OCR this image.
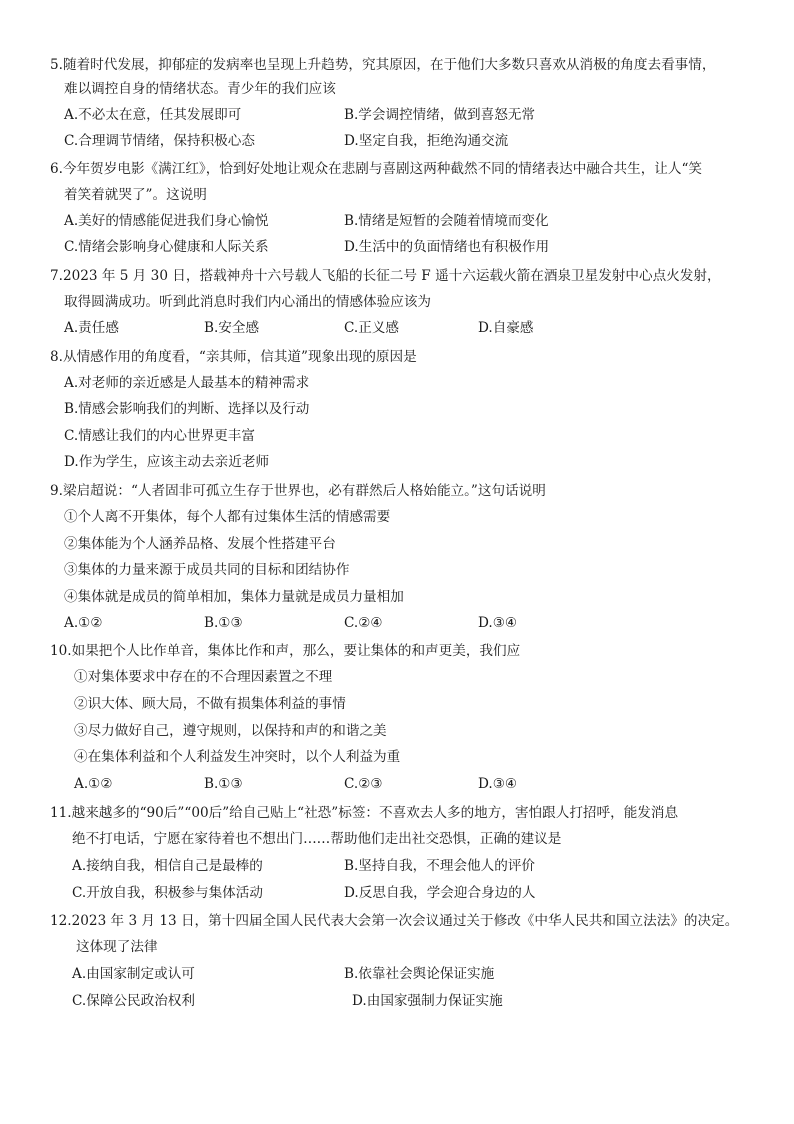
5.随着时代发展，抑郁症的发病率也呈现上升趋势，究其原因，在于他们大多数只喜欢从消极的角度去看事情，
难以调控自身的情绪状态。青少年的我们应该
A.不必太在意，任其发展即可	B.学会调控情绪，做到喜怒无常
C.合理调节情绪，保持积极心态	D.坚定自我，拒绝沟通交流
6.今年贺岁电影《满江红》，恰到好处地让观众在悲剧与喜剧这两种截然不同的情绪表达中融合共生，让人“笑
着笑着就哭了”。这说明
A.美好的情感能促进我们身心愉悦	B.情绪是短暂的会随着情境而变化
C.情绪会影响身心健康和人际关系	D.生活中的负面情绪也有积极作用
7.2023 年 5 月 30 日，搭载神舟十六号载人飞船的长征二号 F 遥十六运载火箭在酒泉卫星发射中心点火发射，
取得圆满成功。听到此消息时我们内心涌出的情感体验应该为
A.责任感	B.安全感	C.正义感	D.自豪感
8.从情感作用的角度看，“亲其师，信其道”现象出现的原因是
A.对老师的亲近感是人最基本的精神需求
B.情感会影响我们的判断、选择以及行动
C.情感让我们的内心世界更丰富
D.作为学生，应该主动去亲近老师
9.梁启超说：“人者固非可孤立生存于世界也，必有群然后人格始能立。”这句话说明
①个人离不开集体，每个人都有过集体生活的情感需要
②集体能为个人涵养品格、发展个性搭建平台
③集体的力量来源于成员共同的目标和团结协作
④集体就是成员的简单相加，集体力量就是成员力量相加
A.①②	B.①③	C.②④	D.③④
10.如果把个人比作单音，集体比作和声，那么，要让集体的和声更美，我们应
①对集体要求中存在的不合理因素置之不理
②识大体、顾大局，不做有损集体利益的事情
③尽力做好自己，遵守规则，以保持和声的和谐之美
④在集体利益和个人利益发生冲突时，以个人利益为重
A.①②	B.①③	C.②③	D.③④
11.越来越多的“90后”“00后”给自己贴上“社恐”标签：不喜欢去人多的地方，害怕跟人打招呼，能发消息
绝不打电话，宁愿在家待着也不想出门……帮助他们走出社交恐惧，正确的建议是
A.接纳自我，相信自己是最棒的	B.坚持自我，不理会他人的评价
C.开放自我，积极参与集体活动	D.反思自我，学会迎合身边的人
12.2023 年 3 月 13 日，第十四届全国人民代表大会第一次会议通过关于修改《中华人民共和国立法法》的决定。
这体现了法律
A.由国家制定或认可	B.依靠社会舆论保证实施
C.保障公民政治权利	D.由国家强制力保证实施
